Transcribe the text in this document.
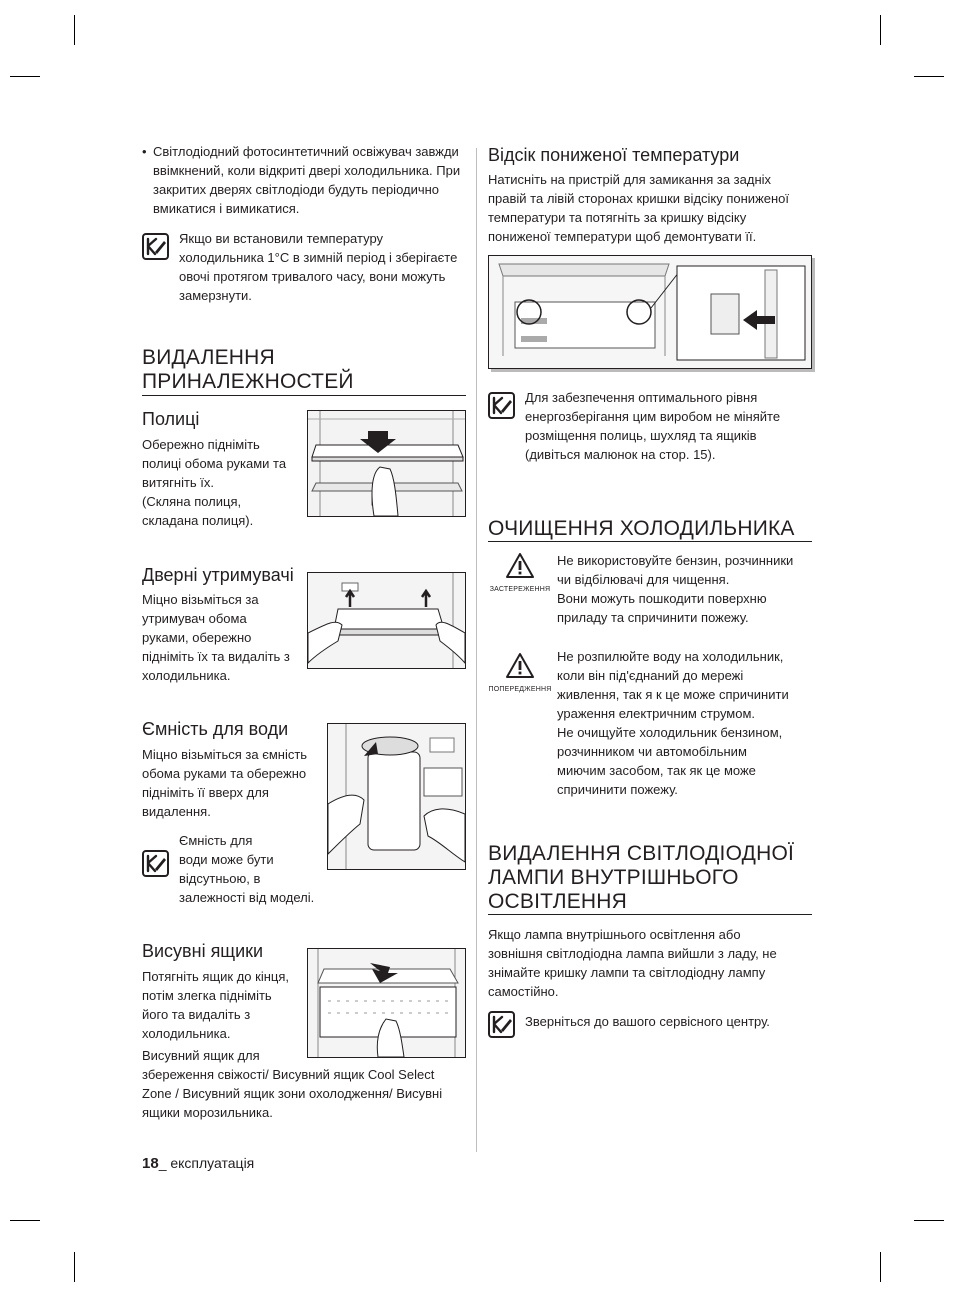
• Світлодіодний фотосинтетичний освіжувач завжди ввімкнений, коли відкриті двері холодильника. При закритих дверях світлодіоди будуть періодично вмикатися і вимикатися.
Якщо ви встановили температуру холодильника 1°C в зимній період і зберігаєте овочі протягом тривалого часу, вони можуть замерзнути.
ВИДАЛЕННЯ
ПРИНАЛЕЖНОСТЕЙ
Полиці
Обережно підніміть
полиці обома руками та
витягніть їх.
(Скляна полиця,
складана полиця).
Дверні утримувачі
Міцно візьміться за
утримувач обома
руками, обережно
підніміть їх та видаліть з
холодильника.
Ємність для води
Міцно візьміться за ємність
обома руками та обережно
підніміть її вверх для
видалення.
Ємність для
води може бути
відсутньою, в
залежності від моделі.
Висувні ящики
Потягніть ящик до кінця,
потім злегка підніміть
його та видаліть з
холодильника.
Висувний ящик для
збереження свіжості/ Висувний ящик Cool Select
Zone / Висувний ящик зони охолодження/ Висувні
ящики морозильника.
18_ експлуатація
Відсік пониженої температури
Натисніть на пристрій для замикання за задніх
правій та лівій сторонах кришки відсіку пониженої
температури та потягніть за кришку відсіку
пониженої температури щоб демонтувати її.
Для забезпечення оптимального рівня
енергозберігання цим виробом не міняйте
розміщення полиць, шухляд та ящиків
(дивіться малюнок на стор. 15).
ОЧИЩЕННЯ ХОЛОДИЛЬНИКА
ЗАСТЕРЕЖЕННЯ
Не використовуйте бензин, розчинники
чи відбілювачі для чищення.
Вони можуть пошкодити поверхню
приладу та спричинити пожежу.
ПОПЕРЕДЖЕННЯ
Не розпилюйте воду на холодильник,
коли він під'єднаний до мережі
живлення, так я к це може спричинити
ураження електричним струмом.
Не очищуйте холодильник бензином,
розчинником чи автомобільним
миючим засобом, так як це може
спричинити пожежу.
ВИДАЛЕННЯ СВІТЛОДІОДНОЇ
ЛАМПИ ВНУТРІШНЬОГО
ОСВІТЛЕННЯ
Якщо лампа внутрішнього освітлення або
зовнішня світлодіодна лампа вийшли з ладу, не
знімайте кришку лампи та світлодіодну лампу
самостійно.
Зверніться до вашого сервісного центру.
